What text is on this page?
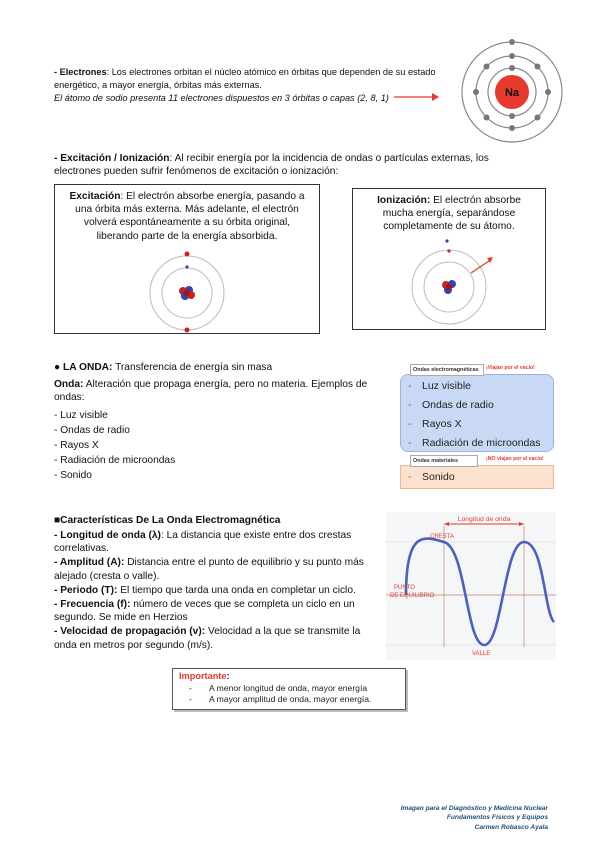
- Electrones: Los electrones orbitan el núcleo atómico en órbitas que dependen de su estado energético, a mayor energía, órbitas más externas.
El átomo de sodio presenta 11 electrones dispuestos en 3 órbitas o capas (2, 8, 1)	Na
- Excitación / Ionización: Al recibir energía por la incidencia de ondas o partículas externas, los electrones pueden sufrir fenómenos de excitación o ionización:
Excitación: El electrón absorbe energía, pasando a una órbita más externa. Más adelante, el electrón volverá espontáneamente a su órbita original, liberando parte de la energía absorbida.
Ionización: El electrón absorbe mucha energía, separándose completamente de su átomo.
● LA ONDA: Transferencia de energía sin masa
Onda: Alteración que propaga energía, pero no materia. Ejemplos de ondas:
- Luz visible
- Ondas de radio
- Rayos X
- Radiación de microondas
- Sonido
Ondas electromagnéticas	¡Viajan por el vacío!
-	Luz visible
-	Ondas de radio
-	Rayos X
-	Radiación de microondas
Ondas materiales	¡NO viajan por el vacío!
-	Sonido
■Características De La Onda Electromagnética
- Longitud de onda (λ): La distancia que existe entre dos crestas correlativas.
- Amplitud (A): Distancia entre el punto de equilibrio y su punto más alejado (cresta o valle).
- Periodo (T): El tiempo que tarda una onda en completar un ciclo.
- Frecuencia (f): número de veces que se completa un ciclo en un segundo. Se mide en Herzios
- Velocidad de propagación (v): Velocidad a la que se transmite la onda en metros por segundo (m/s).
Longitud de onda
CRESTA
PUNTO
DE EQUILIBRIO
VALLE
Importante:
- A menor longitud de onda, mayor energía
- A mayor amplitud de onda, mayor energía.
Imagen para el Diagnóstico y Medicina Nuclear
Fundamentos Físicos y Equipos
Carmen Robasco Ayala
